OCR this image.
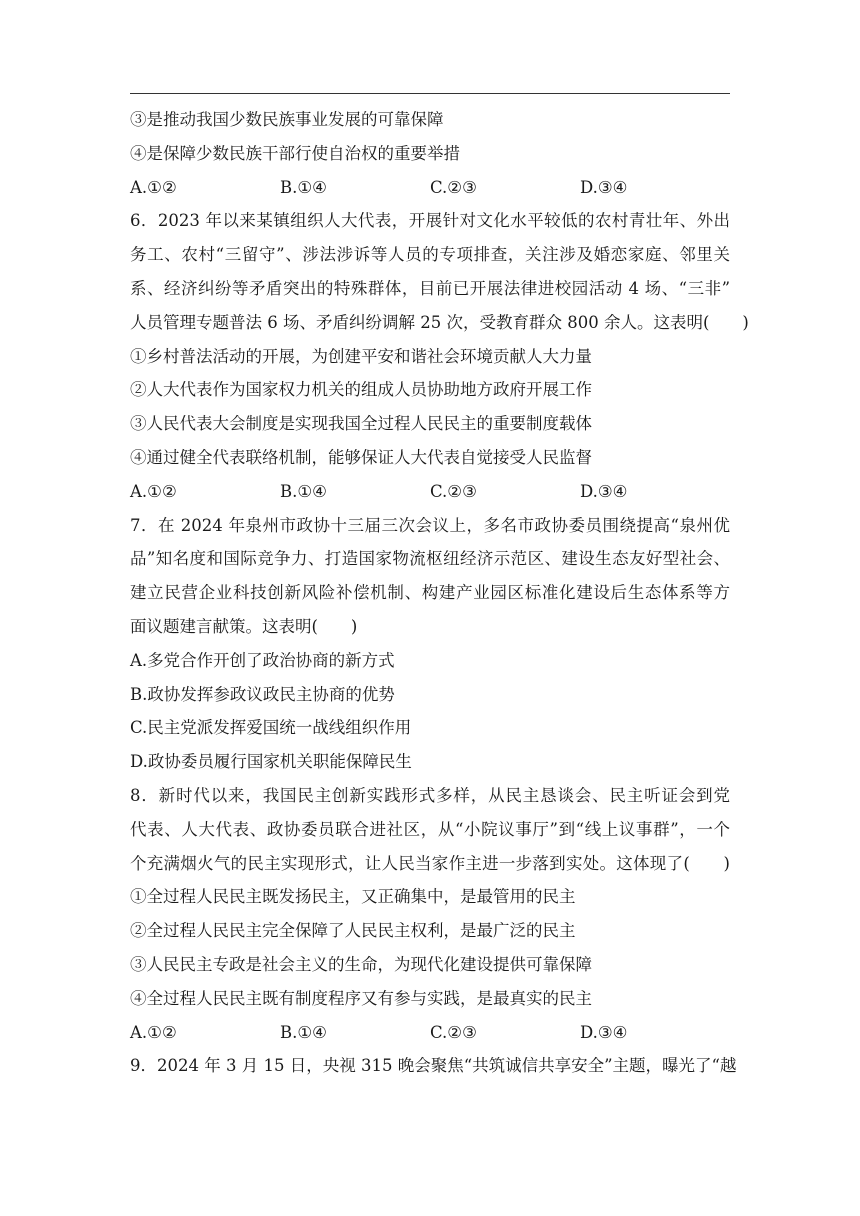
③是推动我国少数民族事业发展的可靠保障
④是保障少数民族干部行使自治权的重要举措
A.①②	B.①④	C.②③	D.③④
6．2023 年以来某镇组织人大代表，开展针对文化水平较低的农村青壮年、外出
务工、农村“三留守”、涉法涉诉等人员的专项排查，关注涉及婚恋家庭、邻里关
系、经济纠纷等矛盾突出的特殊群体，目前已开展法律进校园活动 4 场、“三非”
人员管理专题普法 6 场、矛盾纠纷调解 25 次，受教育群众 800 余人。这表明(　　)
①乡村普法活动的开展，为创建平安和谐社会环境贡献人大力量
②人大代表作为国家权力机关的组成人员协助地方政府开展工作
③人民代表大会制度是实现我国全过程人民民主的重要制度载体
④通过健全代表联络机制，能够保证人大代表自觉接受人民监督
A.①②	B.①④	C.②③	D.③④
7．在 2024 年泉州市政协十三届三次会议上，多名市政协委员围绕提高“泉州优
品”知名度和国际竞争力、打造国家物流枢纽经济示范区、建设生态友好型社会、
建立民营企业科技创新风险补偿机制、构建产业园区标准化建设后生态体系等方
面议题建言献策。这表明(　　)
A.多党合作开创了政治协商的新方式
B.政协发挥参政议政民主协商的优势
C.民主党派发挥爱国统一战线组织作用
D.政协委员履行国家机关职能保障民生
8．新时代以来，我国民主创新实践形式多样，从民主恳谈会、民主听证会到党
代表、人大代表、政协委员联合进社区，从“小院议事厅”到“线上议事群”，一个
个充满烟火气的民主实现形式，让人民当家作主进一步落到实处。这体现了(　　)
①全过程人民民主既发扬民主，又正确集中，是最管用的民主
②全过程人民民主完全保障了人民民主权利，是最广泛的民主
③人民民主专政是社会主义的生命，为现代化建设提供可靠保障
④全过程人民民主既有制度程序又有参与实践，是最真实的民主
A.①②	B.①④	C.②③	D.③④
9．2024 年 3 月 15 日，央视 315 晚会聚焦“共筑诚信共享安全”主题，曝光了“越
